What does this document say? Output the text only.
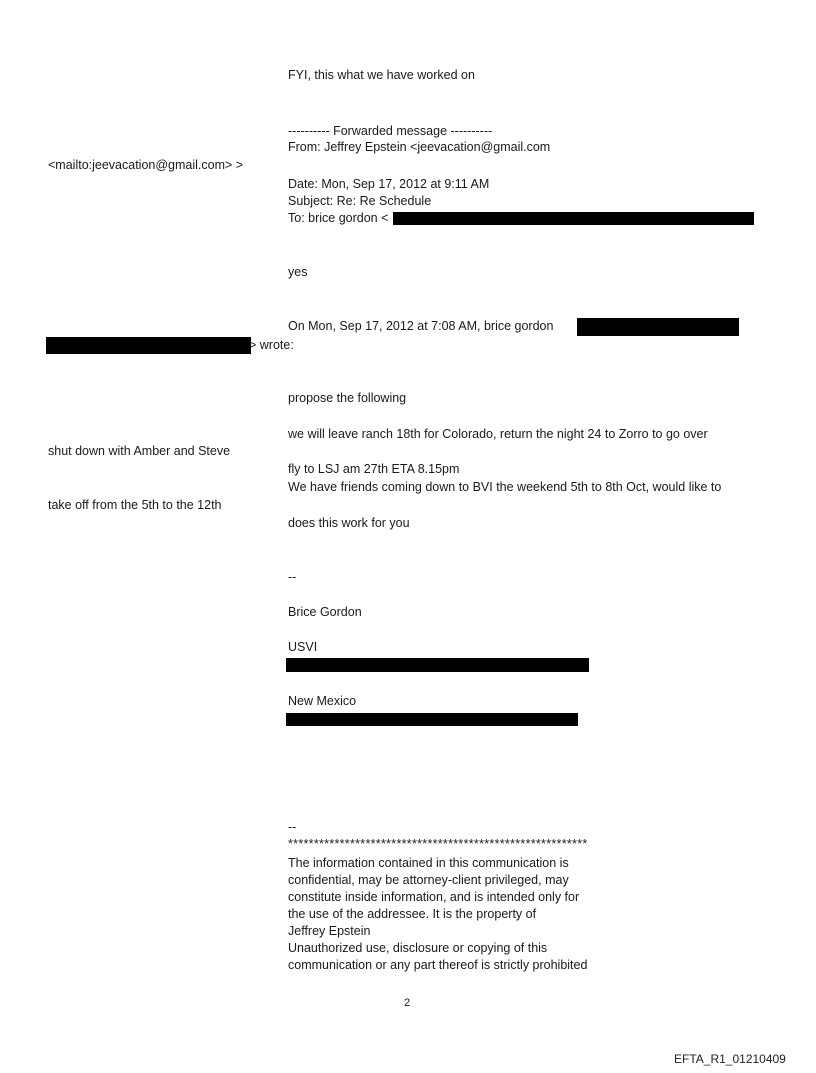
FYI, this what we have worked on
---------- Forwarded message ----------
From: Jeffrey Epstein <jeevacation@gmail.com
<mailto:jeevacation@gmail.com> >
Date: Mon, Sep 17, 2012 at 9:11 AM
Subject: Re: Re Schedule
To: brice gordon <
yes
On Mon, Sep 17, 2012 at 7:08 AM, brice gordon
> wrote:
propose the following
we will leave ranch 18th for Colorado, return the night 24 to Zorro to go over
shut down with Amber and Steve
fly to LSJ am 27th ETA 8.15pm
We have friends coming down to BVI the weekend 5th to 8th Oct, would like to
take off from the 5th to the 12th
does this work for you
--
Brice Gordon
USVI
New Mexico
--
**********************************************************
The information contained in this communication is
confidential, may be attorney-client privileged, may
constitute inside information, and is intended only for
the use of the addressee. It is the property of
Jeffrey Epstein
Unauthorized use, disclosure or copying of this
communication or any part thereof is strictly prohibited
2
EFTA_R1_01210409
